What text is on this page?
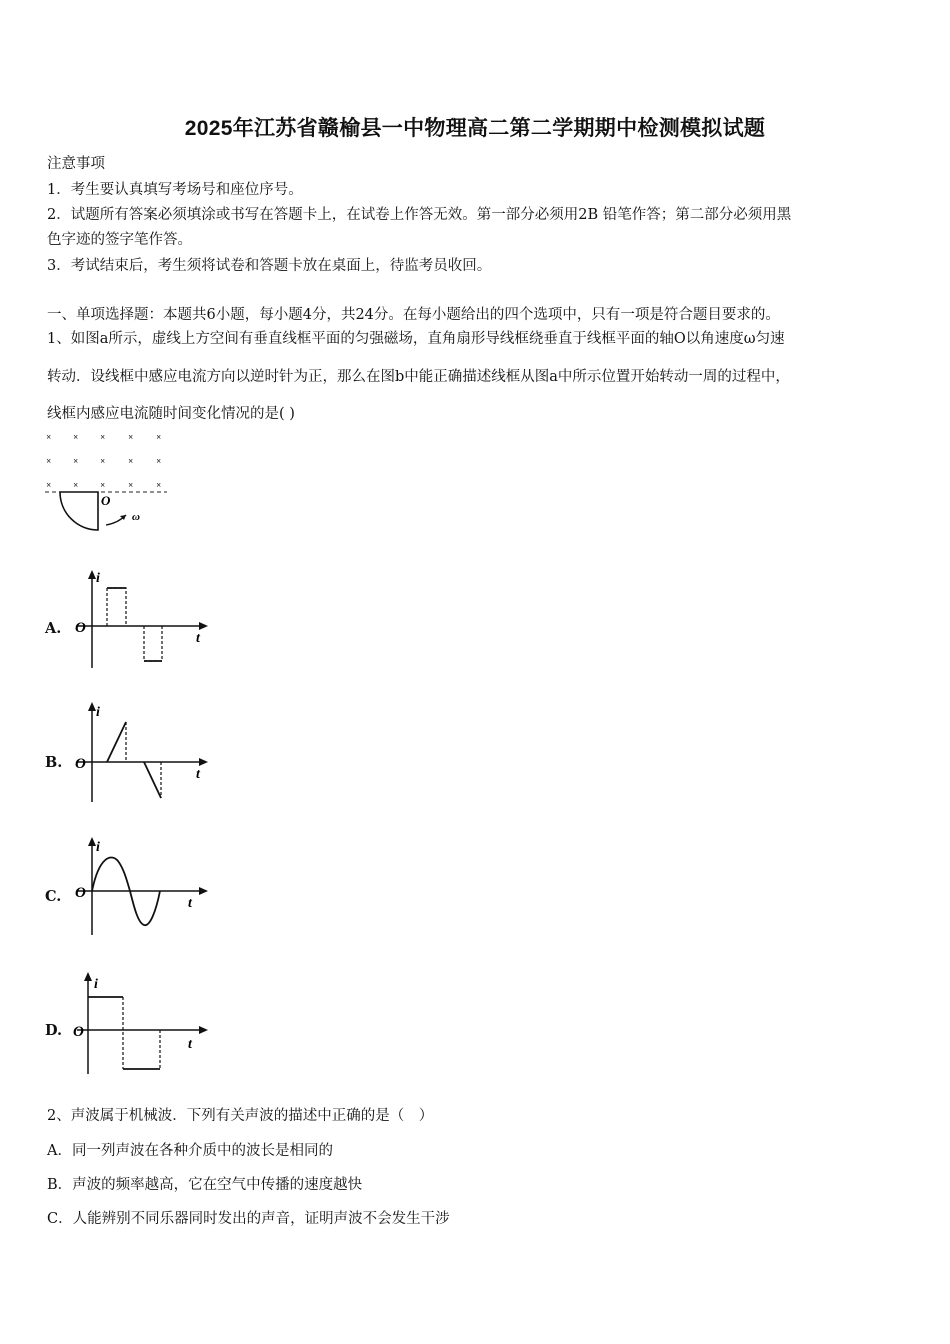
2025年江苏省赣榆县一中物理高二第二学期期中检测模拟试题
注意事项
1．考生要认真填写考场号和座位序号。
2．试题所有答案必须填涂或书写在答题卡上，在试卷上作答无效。第一部分必须用2B 铅笔作答；第二部分必须用黑
色字迹的签字笔作答。
3．考试结束后，考生须将试卷和答题卡放在桌面上，待监考员收回。
一、单项选择题：本题共6小题，每小题4分，共24分。在每小题给出的四个选项中，只有一项是符合题目要求的。
1、如图a所示，虚线上方空间有垂直线框平面的匀强磁场，直角扇形导线框绕垂直于线框平面的轴O以角速度ω匀速
转动．设线框中感应电流方向以逆时针为正，那么在图b中能正确描述线框从图a中所示位置开始转动一周的过程中，
线框内感应电流随时间变化情况的是( )
× × ×	×	×
× × ×	×	×
× × ×	×	×
O
ω
A.
i
t
O
B.
i
t
O
C.
i
t
O
D.
i
t
O
2、声波属于机械波．下列有关声波的描述中正确的是（　）
A．同一列声波在各种介质中的波长是相同的
B．声波的频率越高，它在空气中传播的速度越快
C．人能辨别不同乐器同时发出的声音，证明声波不会发生干涉
